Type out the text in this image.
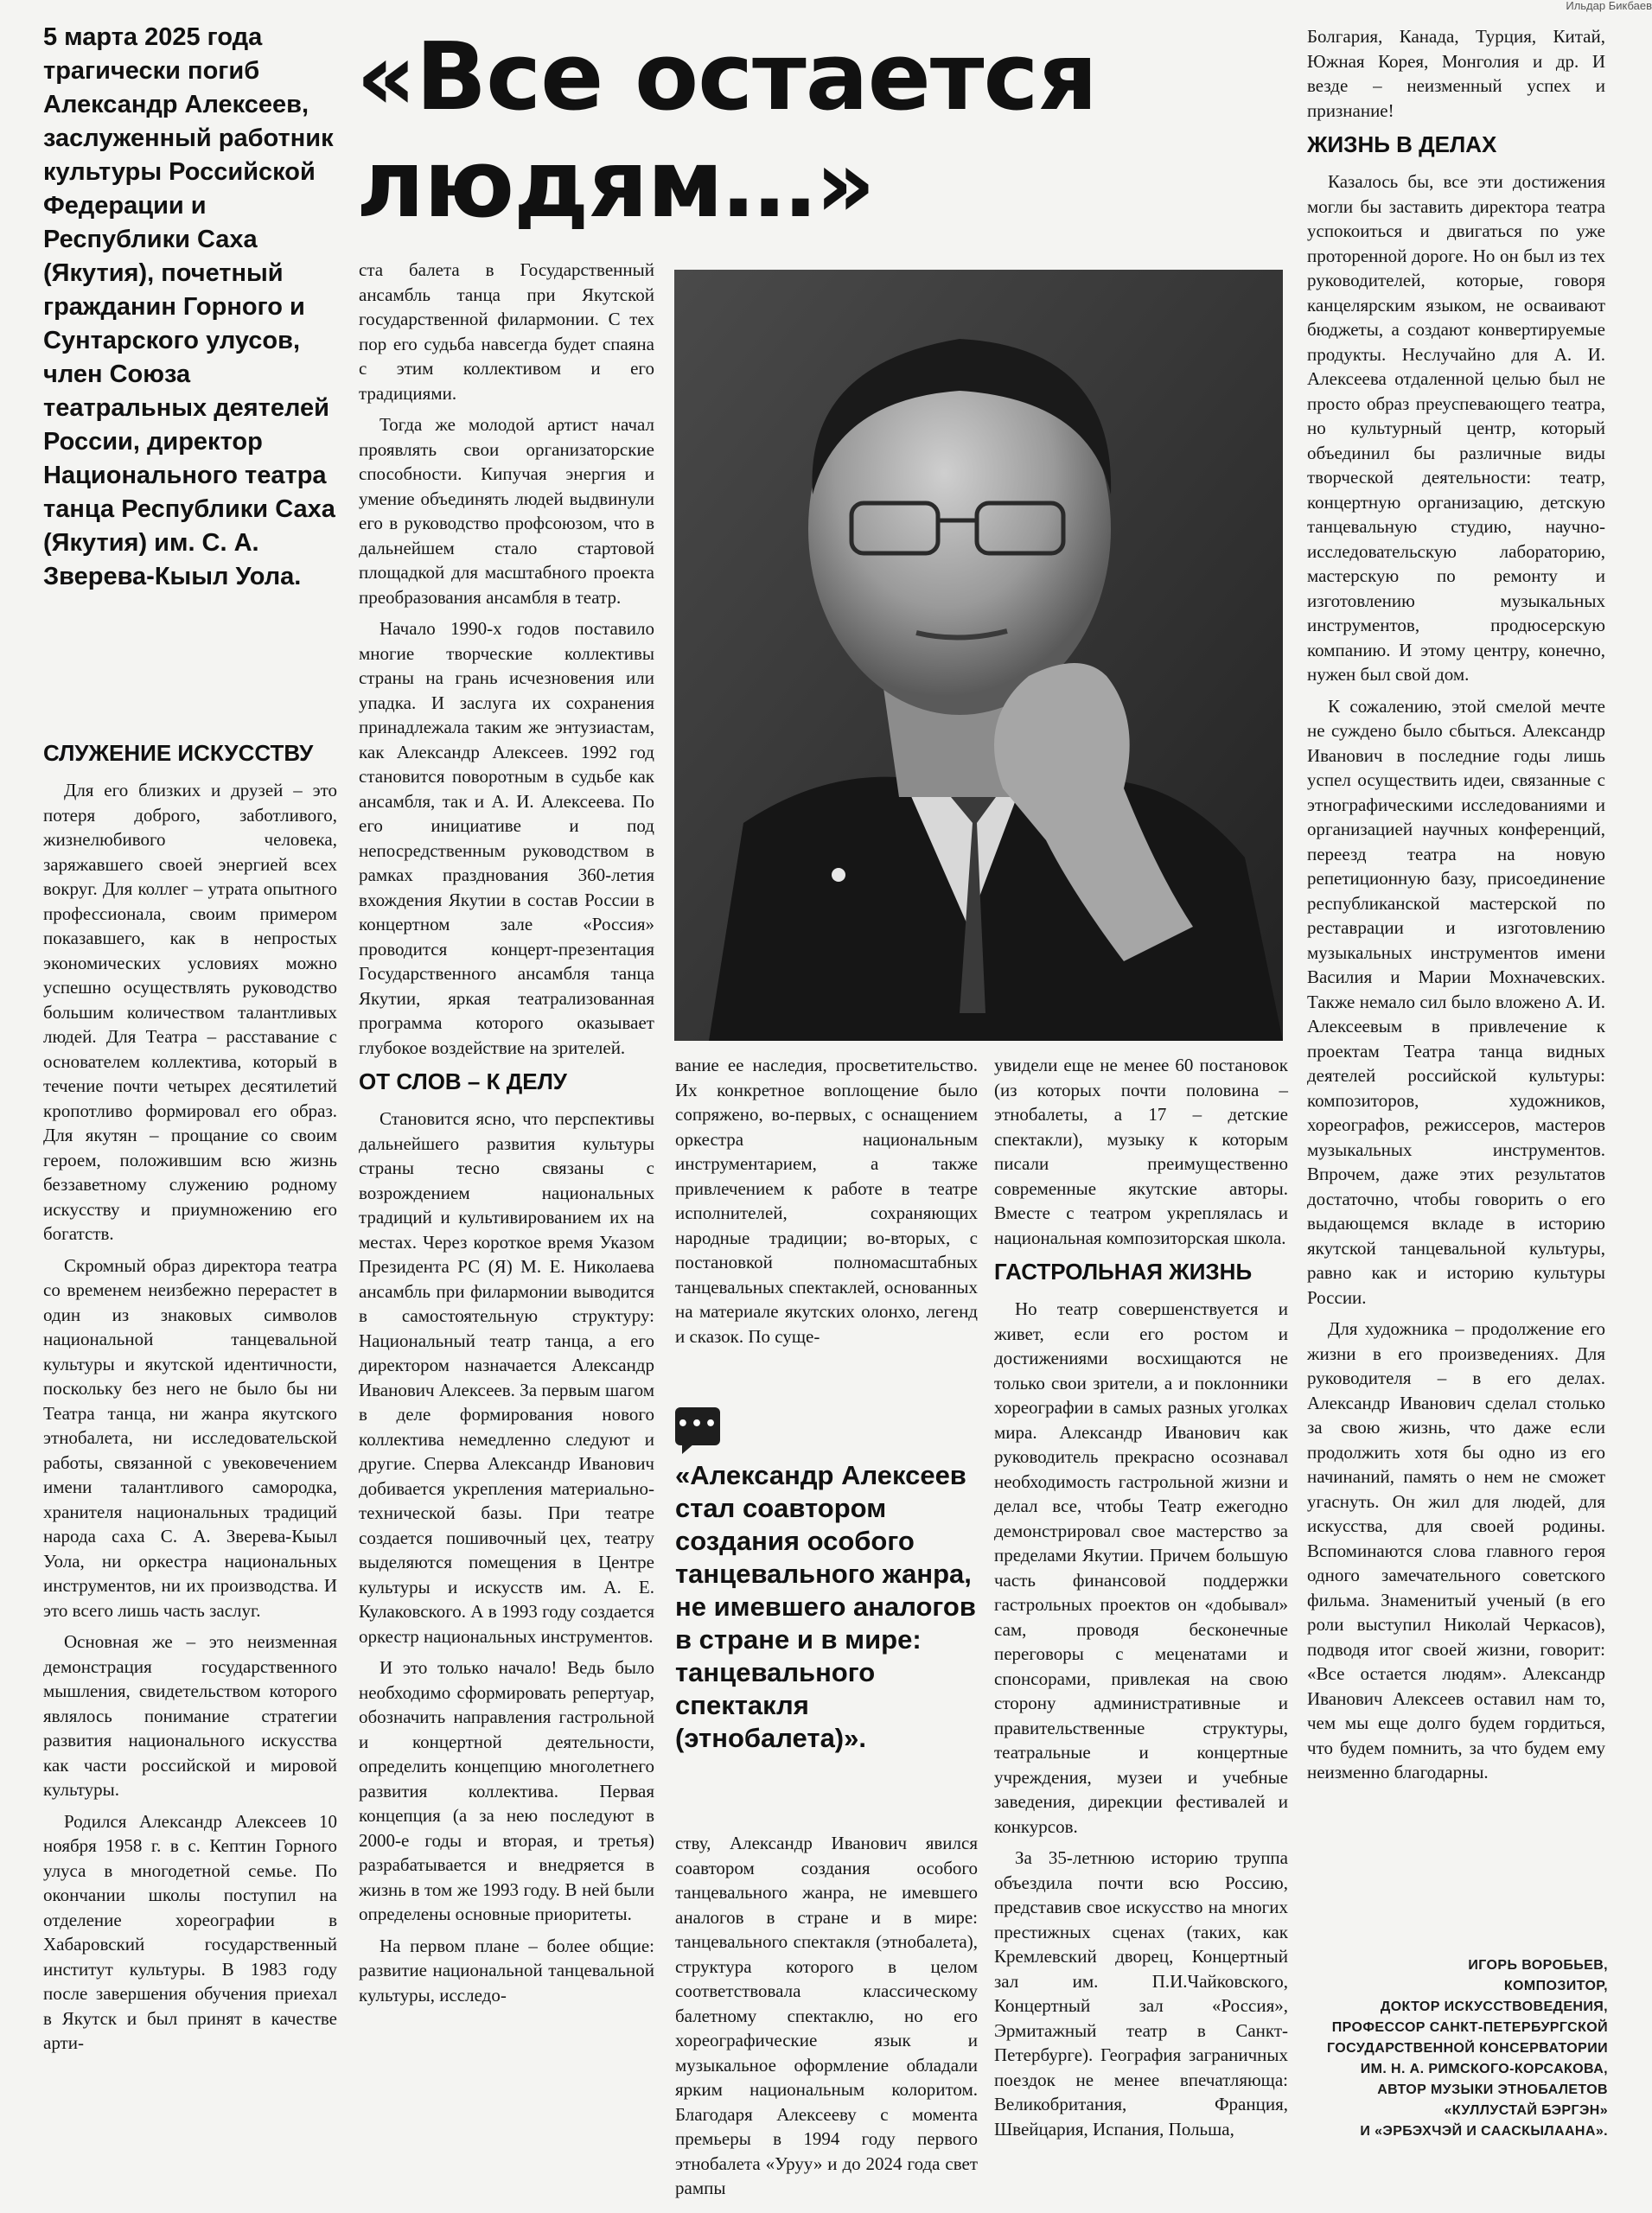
Ильдар Бикбаев
5 марта 2025 года трагически погиб Александр Алексеев, заслуженный работник культуры Российской Федерации и Республики Саха (Якутия), почетный гражданин Горного и Сунтарского улусов, член Союза театральных деятелей России, директор Национального театра танца Республики Саха (Якутия) им. С. А. Зверева-Кыыл Уола.
«Все остается людям…»
СЛУЖЕНИЕ ИСКУССТВУ

Для его близких и друзей – это потеря доброго, заботливого, жизнелюбивого человека, заряжавшего своей энергией всех вокруг. Для коллег – утрата опытного профессионала, своим примером показавшего, как в непростых экономических условиях можно успешно осуществлять руководство большим количеством талантливых людей. Для Театра – расставание с основателем коллектива, который в течение почти четырех десятилетий кропотливо формировал его образ. Для якутян – прощание со своим героем, положившим всю жизнь беззаветному служению родному искусству и приумножению его богатств.

Скромный образ директора театра со временем неизбежно перерастет в один из знаковых символов национальной танцевальной культуры и якутской идентичности, поскольку без него не было бы ни Театра танца, ни жанра якутского этнобалета, ни исследовательской работы, связанной с увековечением имени талантливого самородка, хранителя национальных традиций народа саха С. А. Зверева-Кыыл Уола, ни оркестра национальных инструментов, ни их производства. И это всего лишь часть заслуг.

Основная же – это неизменная демонстрация государственного мышления, свидетельством которого являлось понимание стратегии развития национального искусства как части российской и мировой культуры.

Родился Александр Алексеев 10 ноября 1958 г. в с. Кептин Горного улуса в многодетной семье. По окончании школы поступил на отделение хореографии в Хабаровский государственный институт культуры. В 1983 году после завершения обучения приехал в Якутск и был принят в качестве арти-

ста балета в Государственный ансамбль танца при Якутской государственной филармонии. С тех пор его судьба навсегда будет спаяна с этим коллективом и его традициями.

Тогда же молодой артист начал проявлять свои организаторские способности. Кипучая энергия и умение объединять людей выдвинули его в руководство профсоюзом, что в дальнейшем стало стартовой площадкой для масштабного проекта преобразования ансамбля в театр.

Начало 1990-х годов поставило многие творческие коллективы страны на грань исчезновения или упадка. И заслуга их сохранения принадлежала таким же энтузиастам, как Александр Алексеев. 1992 год становится поворотным в судьбе как ансамбля, так и А. И. Алексеева. По его инициативе и под непосредственным руководством в рамках празднования 360-летия вхождения Якутии в состав России в концертном зале «Россия» проводится концерт-презентация Государственного ансамбля танца Якутии, яркая театрализованная программа которого оказывает глубокое воздействие на зрителей.

ОТ СЛОВ – К ДЕЛУ

Становится ясно, что перспективы дальнейшего развития культуры страны тесно связаны с возрождением национальных традиций и культивированием их на местах. Через короткое время Указом Президента РС (Я) М. Е. Николаева ансамбль при филармонии выводится в самостоятельную структуру: Национальный театр танца, а его директором назначается Александр Иванович Алексеев. За первым шагом в деле формирования нового коллектива немедленно следуют и другие. Сперва Александр Иванович добивается укрепления материально-технической базы. При театре создается пошивочный цех, театру выделяются помещения в Центре культуры и искусств им. А. Е. Кулаковского. А в 1993 году создается оркестр национальных инструментов.

И это только начало! Ведь было необходимо сформировать репертуар, обозначить направления гастрольной и концертной деятельности, определить концепцию многолетнего развития коллектива. Первая концепция (а за нею последуют в 2000-е годы и вторая, и третья) разрабатывается и внедряется в жизнь в том же 1993 году. В ней были определены основные приоритеты.

На первом плане – более общие: развитие национальной танцевальной культуры, исследо-

вание ее наследия, просветительство. Их конкретное воплощение было сопряжено, во-первых, с оснащением оркестра национальным инструментарием, а также привлечением к работе в театре исполнителей, сохраняющих народные традиции; во-вторых, с постановкой полномасштабных танцевальных спектаклей, основанных на материале якутских олонхо, легенд и сказок. По суще-

•••
«Александр Алексеев стал соавтором создания особого танцевального жанра, не имевшего аналогов в стране и в мире: танцевального спектакля (этнобалета)».

ству, Александр Иванович явился соавтором создания особого танцевального жанра, не имевшего аналогов в стране и в мире: танцевального спектакля (этнобалета), структура которого в целом соответствовала классическому балетному спектаклю, но его хореографические язык и музыкальное оформление обладали ярким национальным колоритом. Благодаря Алексееву с момента премьеры в 1994 году первого этнобалета «Уруу» и до 2024 года свет рампы

увидели еще не менее 60 постановок (из которых почти половина – этнобалеты, а 17 – детские спектакли), музыку к которым писали преимущественно современные якутские авторы. Вместе с театром укреплялась и национальная композиторская школа.

ГАСТРОЛЬНАЯ ЖИЗНЬ

Но театр совершенствуется и живет, если его ростом и достижениями восхищаются не только свои зрители, а и поклонники хореографии в самых разных уголках мира. Александр Иванович как руководитель прекрасно осознавал необходимость гастрольной жизни и делал все, чтобы Театр ежегодно демонстрировал свое мастерство за пределами Якутии. Причем большую часть финансовой поддержки гастрольных проектов он «добывал» сам, проводя бесконечные переговоры с меценатами и спонсорами, привлекая на свою сторону административные и правительственные структуры, театральные и концертные учреждения, музеи и учебные заведения, дирекции фестивалей и конкурсов.

За 35-летнюю историю труппа объездила почти всю Россию, представив свое искусство на многих престижных сценах (таких, как Кремлевский дворец, Концертный зал им. П.И.Чайковского, Концертный зал «Россия», Эрмитажный театр в Санкт-Петербурге). География заграничных поездок не менее впечатляюща: Великобритания, Франция, Швейцария, Испания, Польша,

Болгария, Канада, Турция, Китай, Южная Корея, Монголия и др. И везде – неизменный успех и признание!

ЖИЗНЬ В ДЕЛАХ

Казалось бы, все эти достижения могли бы заставить директора театра успокоиться и двигаться по уже проторенной дороге. Но он был из тех руководителей, которые, говоря канцелярским языком, не осваивают бюджеты, а создают конвертируемые продукты. Неслучайно для А. И. Алексеева отдаленной целью был не просто образ преуспевающего театра, но культурный центр, который объединил бы различные виды творческой деятельности: театр, концертную организацию, детскую танцевальную студию, научно-исследовательскую лабораторию, мастерскую по ремонту и изготовлению музыкальных инструментов, продюсерскую компанию. И этому центру, конечно, нужен был свой дом.

К сожалению, этой смелой мечте не суждено было сбыться. Александр Иванович в последние годы лишь успел осуществить идеи, связанные с этнографическими исследованиями и организацией научных конференций, переезд театра на новую репетиционную базу, присоединение республиканской мастерской по реставрации и изготовлению музыкальных инструментов имени Василия и Марии Мохначевских. Также немало сил было вложено А. И. Алексеевым в привлечение к проектам Театра танца видных деятелей российской культуры: композиторов, художников, хореографов, режиссеров, мастеров музыкальных инструментов. Впрочем, даже этих результатов достаточно, чтобы говорить о его выдающемся вкладе в историю якутской танцевальной культуры, равно как и историю культуры России.

Для художника – продолжение его жизни в его произведениях. Для руководителя – в его делах. Александр Иванович сделал столько за свою жизнь, что даже если продолжить хотя бы одно из его начинаний, память о нем не сможет угаснуть. Он жил для людей, для искусства, для своей родины. Вспоминаются слова главного героя одного замечательного советского фильма. Знаменитый ученый (в его роли выступил Николай Черкасов), подводя итог своей жизни, говорит: «Все остается людям». Александр Иванович Алексеев оставил нам то, чем мы еще долго будем гордиться, что будем помнить, за что будем ему неизменно благодарны.

ИГОРЬ ВОРОБЬЕВ,
КОМПОЗИТОР,
ДОКТОР ИСКУССТВОВЕДЕНИЯ,
ПРОФЕССОР САНКТ-ПЕТЕРБУРГСКОЙ
ГОСУДАРСТВЕННОЙ КОНСЕРВАТОРИИ
ИМ. Н. А. РИМСКОГО-КОРСАКОВА,
АВТОР МУЗЫКИ ЭТНОБАЛЕТОВ
«КУЛЛУСТАЙ БЭРГЭН»
И «ЭРБЭХЧЭЙ И СААСКЫЛААНА».
